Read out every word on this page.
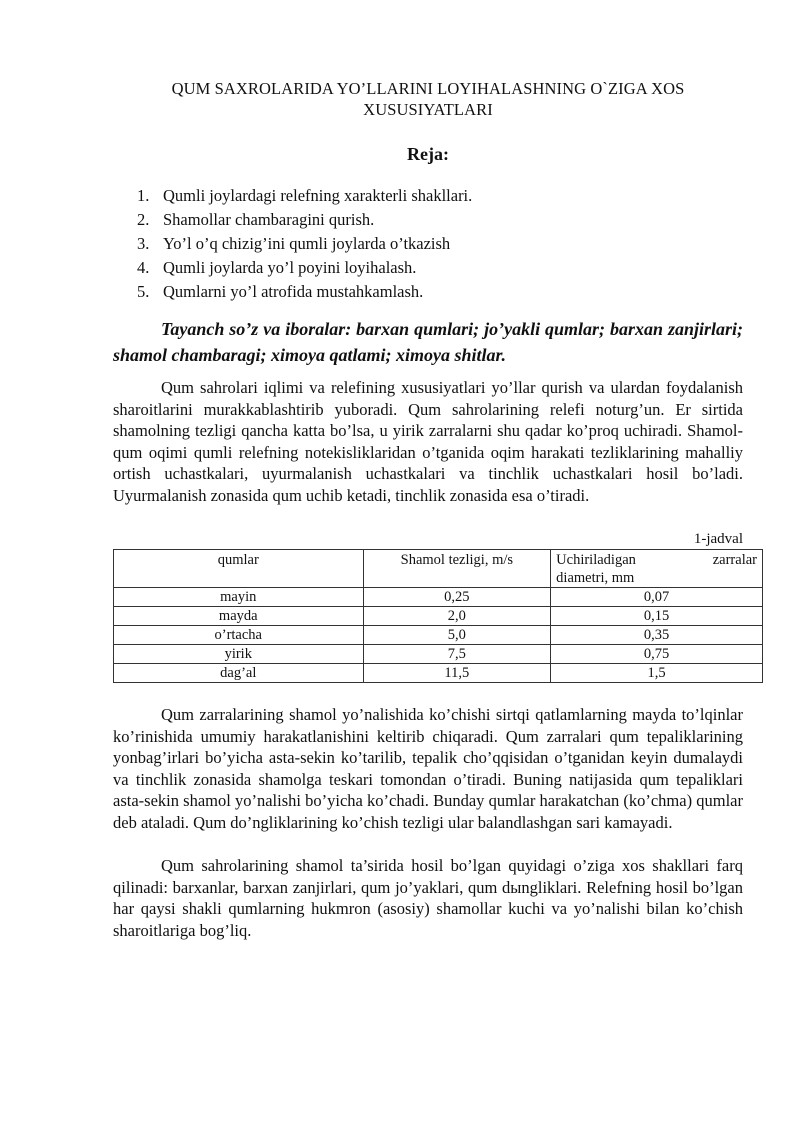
QUM SAXROLARIDA YO’LLARINI LOYIHALASHNING O`ZIGA XOS
XUSUSIYATLARI
Reja:
1. Qumli joylardagi relefning xarakterli shakllari.
2. Shamollar chambaragini qurish.
3. Yo’l o’q chizig’ini qumli joylarda o’tkazish
4. Qumli joylarda yo’l poyini loyihalash.
5. Qumlarni yo’l atrofida mustahkamlash.

Tayanch so’z va iboralar: barxan qumlari; jo’yakli qumlar; barxan zanjirlari; shamol chambaragi; ximoya qatlami; ximoya shitlar.

Qum sahrolari iqlimi va relefining xususiyatlari yo’llar qurish va ulardan foydalanish sharoitlarini murakkablashtirib yuboradi. Qum sahrolarining relefi noturg’un. Er sirtida shamolning tezligi qancha katta bo’lsa, u yirik zarralarni shu qadar ko’proq uchiradi. Shamol-qum oqimi qumli relefning notekisliklaridan o’tganida oqim harakati tezliklarining mahalliy ortish uchastkalari, uyurmalanish uchastkalari va tinchlik uchastkalari hosil bo’ladi. Uyurmalanish zonasida qum uchib ketadi, tinchlik zonasida esa o’tiradi.

1-jadval
qumlar	Shamol tezligi, m/s	Uchiriladigan zarralar
diametri, mm

mayin	0,25	0,07
mayda	2,0	0,15
o’rtacha	5,0	0,35
yirik	7,5	0,75
dag’al	11,5	1,5

Qum zarralarining shamol yo’nalishida ko’chishi sirtqi qatlamlarning mayda to’lqinlar ko’rinishida umumiy harakatlanishini keltirib chiqaradi. Qum zarralari qum tepaliklarining yonbag’irlari bo’yicha asta-sekin ko’tarilib, tepalik cho’qqisidan o’tganidan keyin dumalaydi va tinchlik zonasida shamolga teskari tomondan o’tiradi. Buning natijasida qum tepaliklari asta-sekin shamol yo’nalishi bo’yicha ko’chadi. Bunday qumlar harakatchan (ko’chma) qumlar deb ataladi. Qum do’ngliklarining ko’chish tezligi ular balandlashgan sari kamayadi.

Qum sahrolarining shamol ta’sirida hosil bo’lgan quyidagi o’ziga xos shakllari farq qilinadi: barxanlar, barxan zanjirlari, qum jo’yaklari, qum dыngliklari. Relefning hosil bo’lgan har qaysi shakli qumlarning hukmron (asosiy) shamollar kuchi va yo’nalishi bilan ko’chish sharoitlariga bog’liq.
